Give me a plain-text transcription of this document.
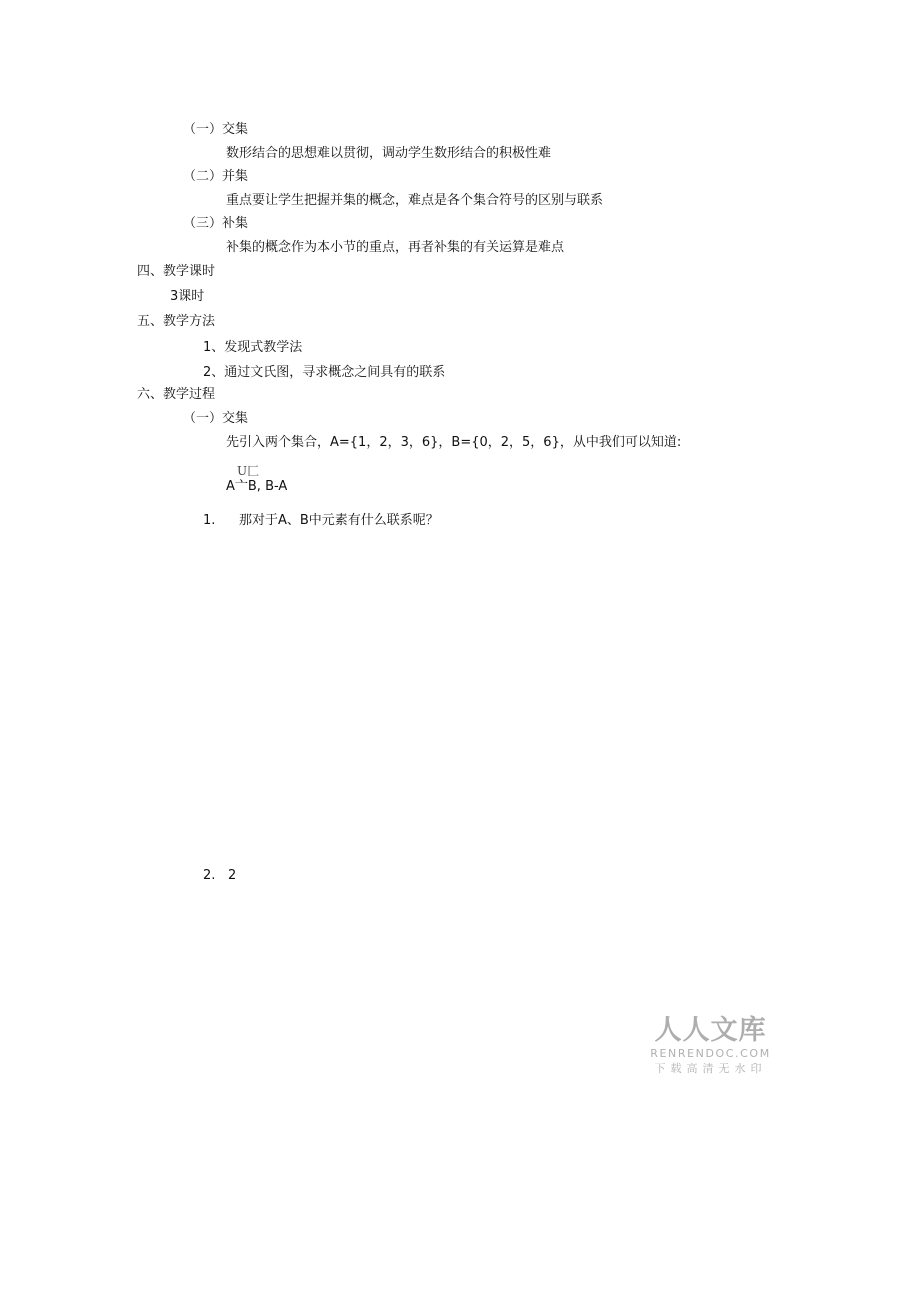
（一）交集
数形结合的思想难以贯彻，调动学生数形结合的积极性难
（二）并集
重点要让学生把握并集的概念，难点是各个集合符号的区别与联系
（三）补集
补集的概念作为本小节的重点，再者补集的有关运算是难点
四、教学课时
3课时
五、教学方法
1、发现式教学法
2、通过文氏图，寻求概念之间具有的联系
六、教学过程
（一）交集
先引入两个集合，A={1，2，3，6}，B={0，2，5，6}，从中我们可以知道:
U匚
A亠B, B-A
1. 那对于A、B中元素有什么联系呢？
2. 2
人人文库
RENRENDOC.COM
下载高清无水印
